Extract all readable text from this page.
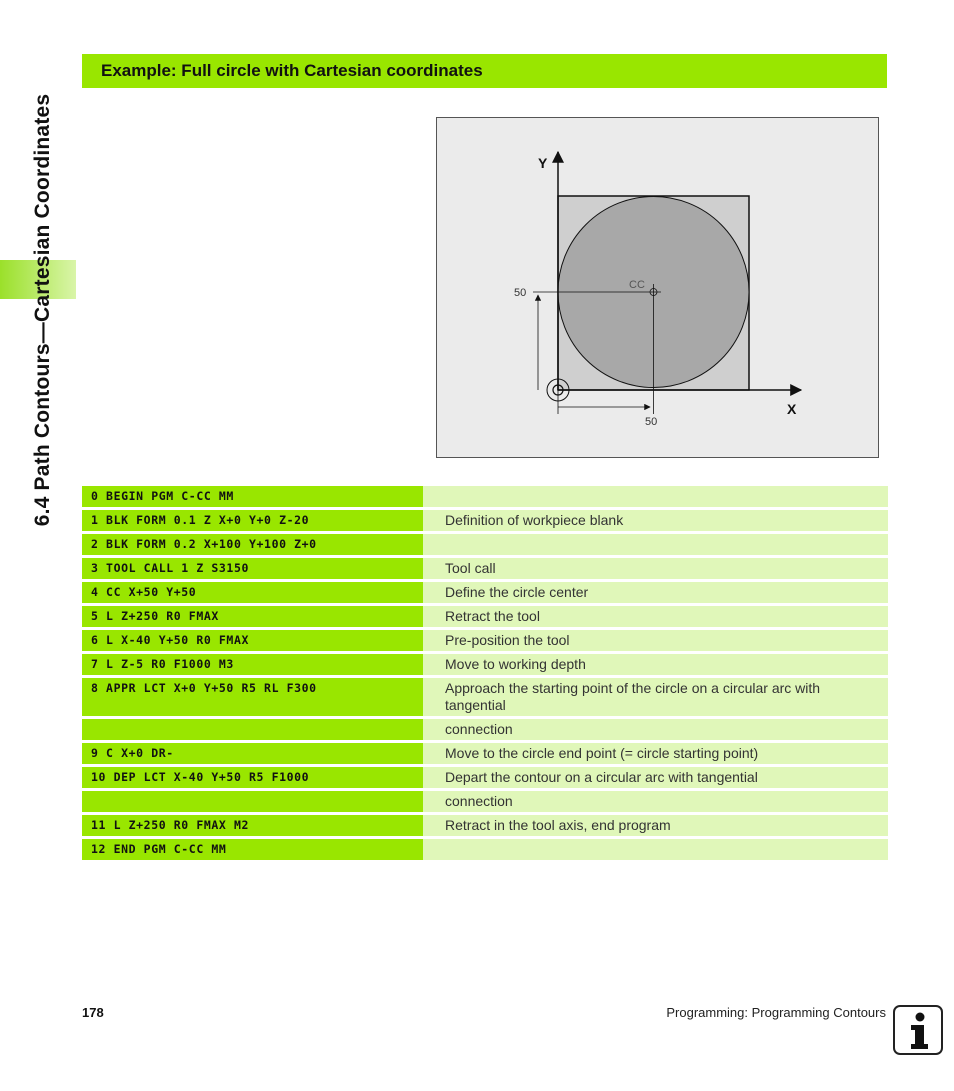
6.4 Path Contours—Cartesian Coordinates
Example: Full circle with Cartesian coordinates
Y
X
CC
50
50
0 BEGIN PGM C-CC MM
1 BLK FORM 0.1 Z X+0 Y+0 Z-20	Definition of workpiece blank
2 BLK FORM 0.2 X+100 Y+100 Z+0
3 TOOL CALL 1 Z S3150	Tool call
4 CC X+50 Y+50	Define the circle center
5 L Z+250 R0 FMAX	Retract the tool
6 L X-40 Y+50 R0 FMAX	Pre-position the tool
7 L Z-5 R0 F1000 M3	Move to working depth
8 APPR LCT X+0 Y+50 R5 RL F300	Approach the starting point of the circle on a circular arc with tangential
connection
9 C X+0 DR-	Move to the circle end point (= circle starting point)
10 DEP LCT X-40 Y+50 R5 F1000	Depart the contour on a circular arc with tangential
connection
11 L Z+250 R0 FMAX M2	Retract in the tool axis, end program
12 END PGM C-CC MM
178	Programming: Programming Contours
